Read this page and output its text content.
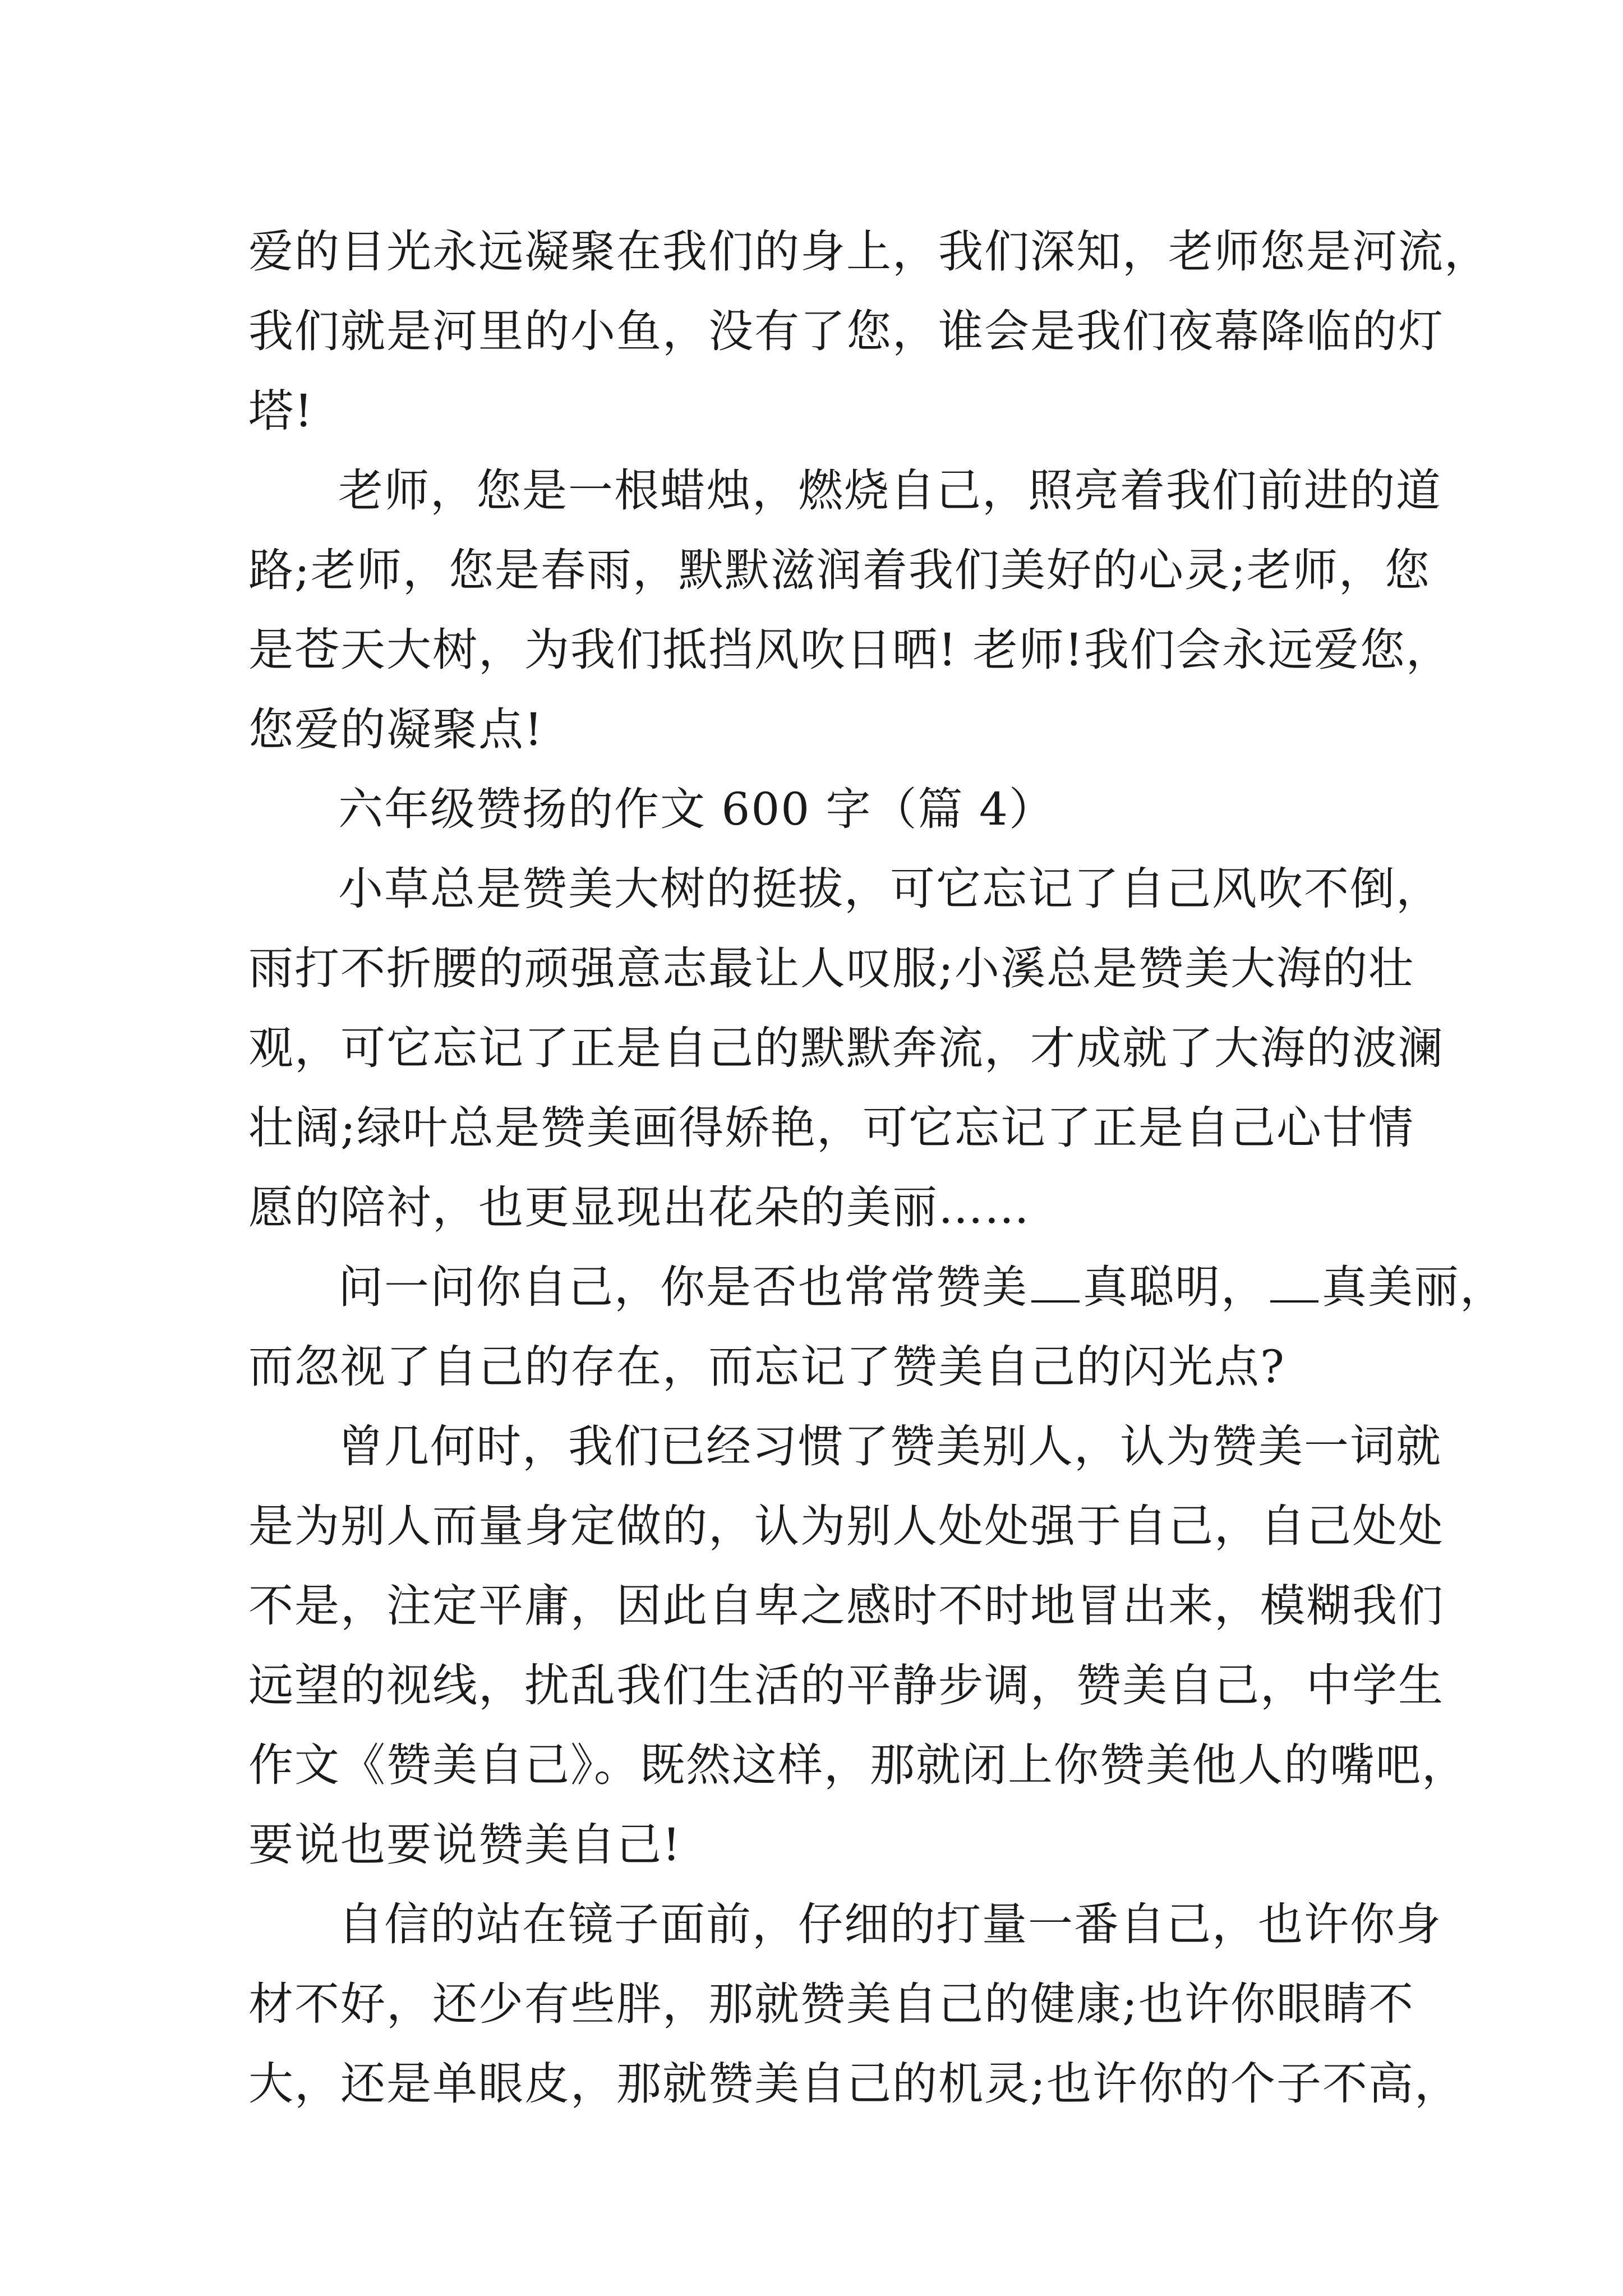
爱的目光永远凝聚在我们的身上，我们深知，老师您是河流，
我们就是河里的小鱼，没有了您，谁会是我们夜幕降临的灯
塔!
老师，您是一根蜡烛，燃烧自己，照亮着我们前进的道
路;老师，您是春雨，默默滋润着我们美好的心灵;老师，您
是苍天大树，为我们抵挡风吹日晒! 老师!我们会永远爱您，
您爱的凝聚点!
六年级赞扬的作文 600 字（篇 4）
小草总是赞美大树的挺拔，可它忘记了自己风吹不倒，
雨打不折腰的顽强意志最让人叹服;小溪总是赞美大海的壮
观，可它忘记了正是自己的默默奔流，才成就了大海的波澜
壮阔;绿叶总是赞美画得娇艳，可它忘记了正是自己心甘情
愿的陪衬，也更显现出花朵的美丽……
问一问你自己，你是否也常常赞美 真聪明， 真美丽，
而忽视了自己的存在，而忘记了赞美自己的闪光点?
曾几何时，我们已经习惯了赞美别人，认为赞美一词就
是为别人而量身定做的，认为别人处处强于自己，自己处处
不是，注定平庸，因此自卑之感时不时地冒出来，模糊我们
远望的视线，扰乱我们生活的平静步调，赞美自己，中学生
作文《赞美自己》。既然这样，那就闭上你赞美他人的嘴吧，
要说也要说赞美自己!
自信的站在镜子面前，仔细的打量一番自己，也许你身
材不好，还少有些胖，那就赞美自己的健康;也许你眼睛不
大，还是单眼皮，那就赞美自己的机灵;也许你的个子不高，
